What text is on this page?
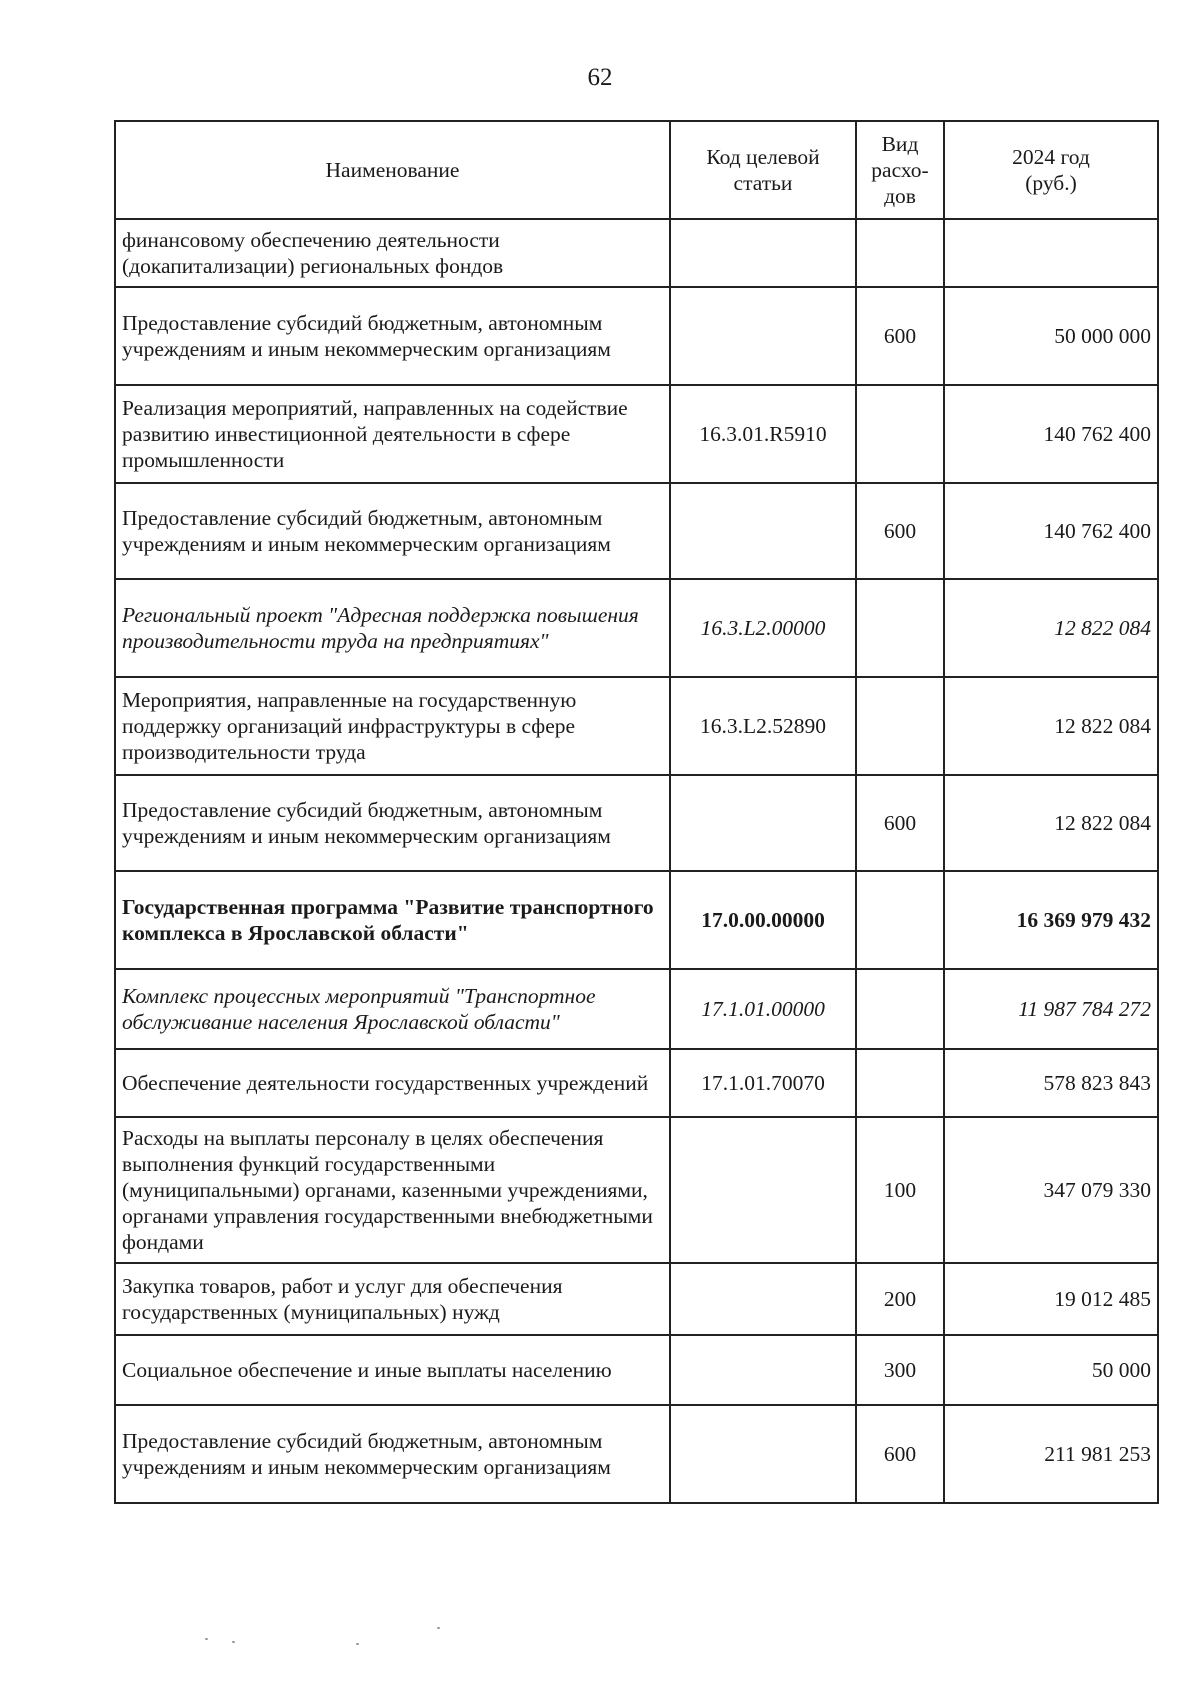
62
Наименование	Код целевой статьи	Вид расхо-дов	2024 год (руб.)
финансовому обеспечению деятельности (докапитализации) региональных фондов			
Предоставление субсидий бюджетным, автономным учреждениям и иным некоммерческим организациям		600	50 000 000
Реализация мероприятий, направленных на содействие развитию инвестиционной деятельности в сфере промышленности	16.3.01.R5910		140 762 400
Предоставление субсидий бюджетным, автономным учреждениям и иным некоммерческим организациям		600	140 762 400
Региональный проект "Адресная поддержка повышения производительности труда на предприятиях"	16.3.L2.00000		12 822 084
Мероприятия, направленные на государственную поддержку организаций инфраструктуры в сфере производительности труда	16.3.L2.52890		12 822 084
Предоставление субсидий бюджетным, автономным учреждениям и иным некоммерческим организациям		600	12 822 084
Государственная программа "Развитие транспортного комплекса в Ярославской области"	17.0.00.00000		16 369 979 432
Комплекс процессных мероприятий "Транспортное обслуживание населения Ярославской области"	17.1.01.00000		11 987 784 272
Обеспечение деятельности государственных учреждений	17.1.01.70070		578 823 843
Расходы на выплаты персоналу в целях обеспечения выполнения функций государственными (муниципальными) органами, казенными учреждениями, органами управления государственными внебюджетными фондами		100	347 079 330
Закупка товаров, работ и услуг для обеспечения государственных (муниципальных) нужд		200	19 012 485
Социальное обеспечение и иные выплаты населению		300	50 000
Предоставление субсидий бюджетным, автономным учреждениям и иным некоммерческим организациям		600	211 981 253
